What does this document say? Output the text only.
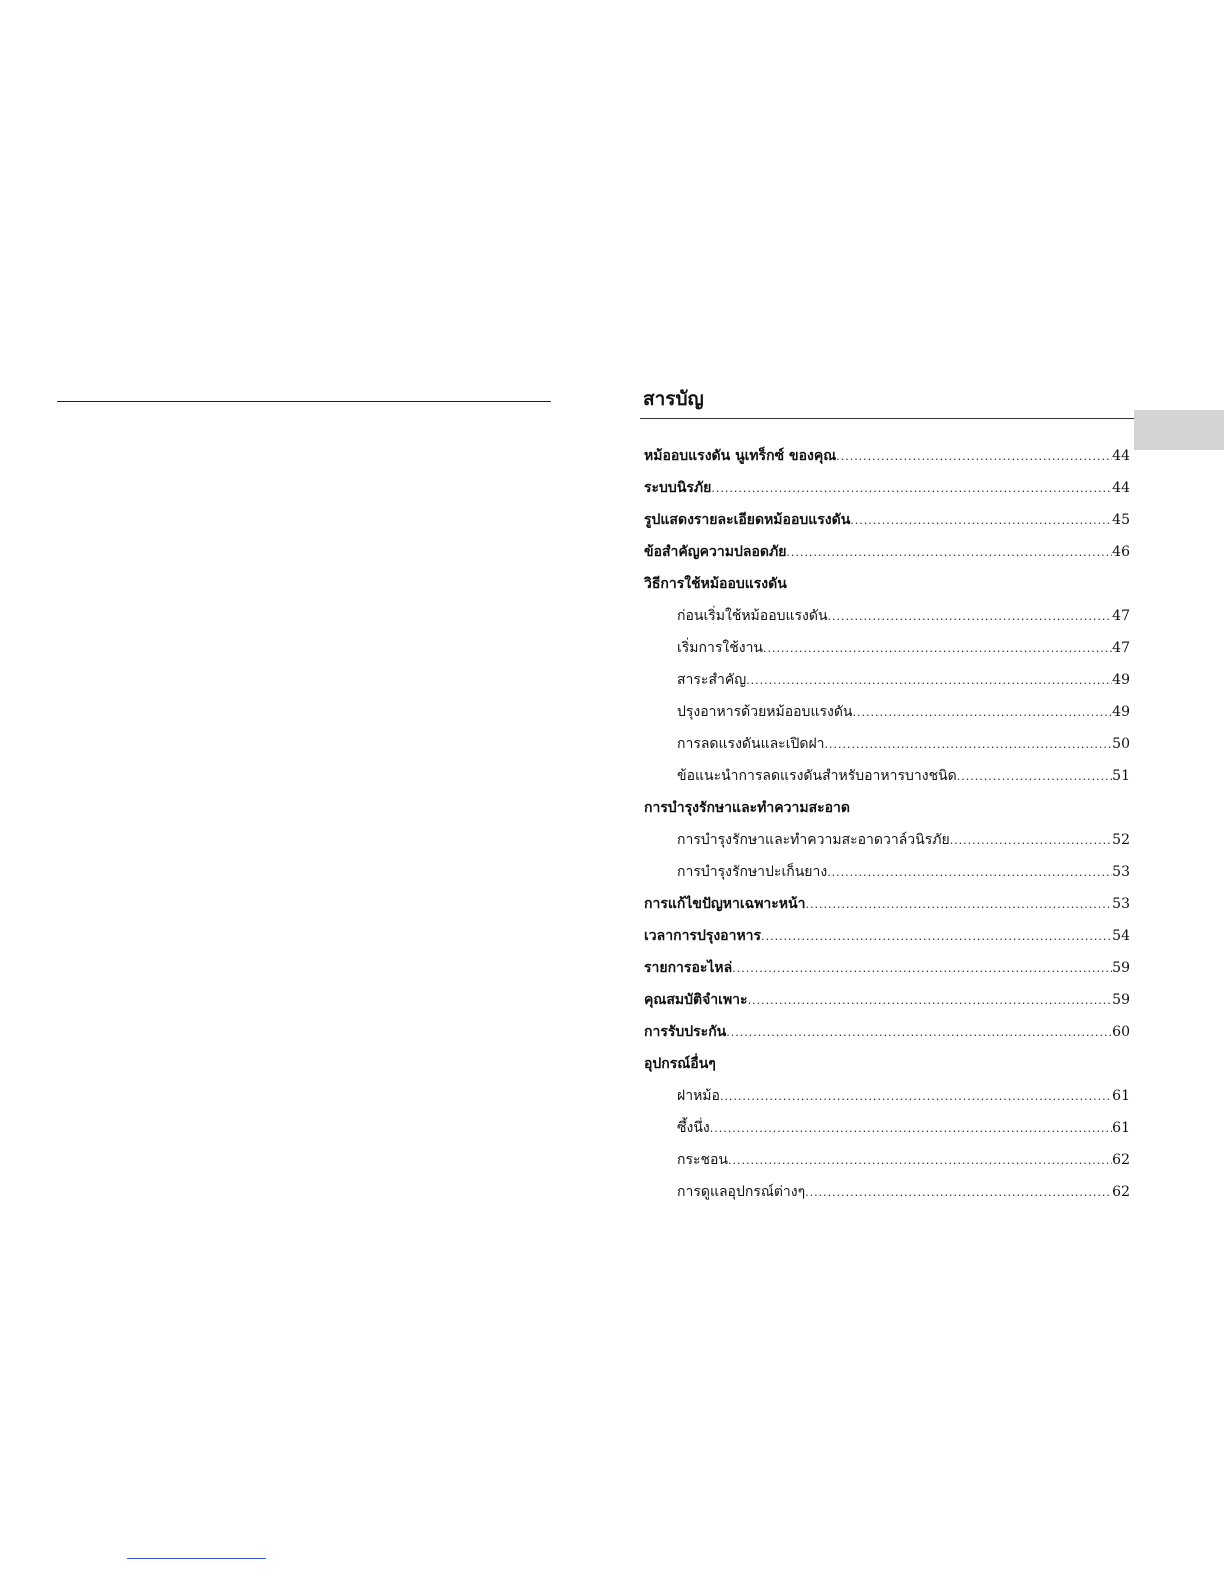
สารบัญ
หม้ออบแรงดัน นูเทร็กซ์ ของคุณ .....	44
ระบบนิรภัย .....	44
รูปแสดงรายละเอียดหม้ออบแรงดัน .....	45
ข้อสำคัญความปลอดภัย .....	46
วิธีการใช้หม้ออบแรงดัน
ก่อนเริ่มใช้หม้ออบแรงดัน .....	47
เริ่มการใช้งาน .....	47
สาระสำคัญ .....	49
ปรุงอาหารด้วยหม้ออบแรงดัน .....	49
การลดแรงดันและเปิดฝา .....	50
ข้อแนะนำการลดแรงดันสำหรับอาหารบางชนิด .....	51
การบำรุงรักษาและทำความสะอาด
การบำรุงรักษาและทำความสะอาดวาล์วนิรภัย .....	52
การบำรุงรักษาปะเก็นยาง .....	53
การแก้ไขปัญหาเฉพาะหน้า .....	53
เวลาการปรุงอาหาร .....	54
รายการอะไหล่ .....	59
คุณสมบัติจำเพาะ .....	59
การรับประกัน .....	60
อุปกรณ์อื่นๆ
ฝาหม้อ .....	61
ซึ้งนึ่ง .....	61
กระชอน .....	62
การดูแลอุปกรณ์ต่างๆ .....	62
